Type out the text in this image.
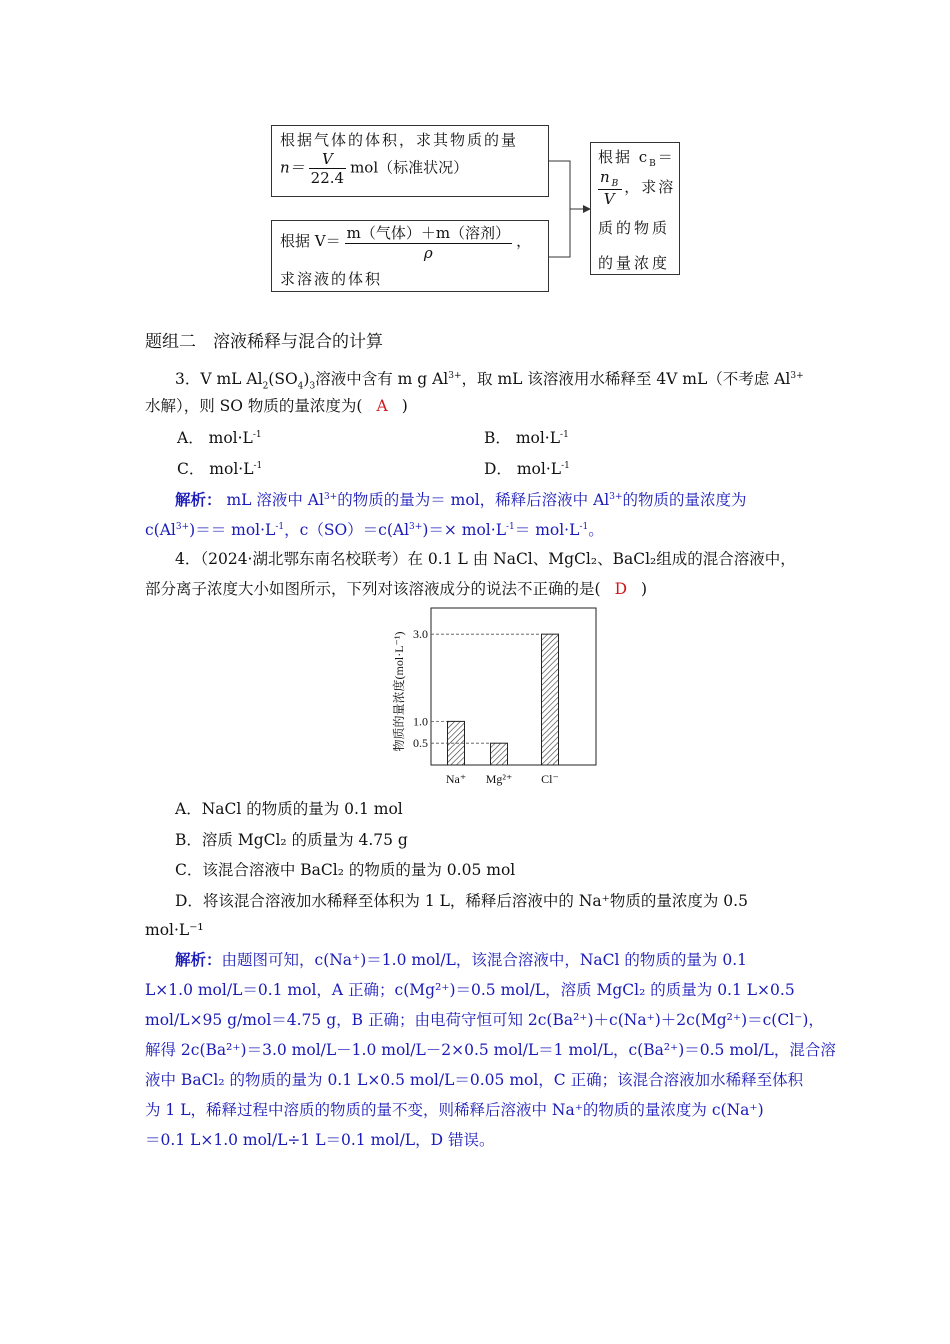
根据气体的体积，求其物质的量
$n= \frac{V}{22.4} mol$（标准状况）
根据 $V= \frac{\text{m（气体）＋m（溶剂）}}{\rho}$ ，
求溶液的体积
根据 $c_B=$
$\frac{n_B}{V}$ ，求溶
质的物质
的量浓度
题组二　溶液稀释与混合的计算
3．V mL $Al_2(SO_4)_3$溶液中含有 m g $Al^{3+}$，取 mL 该溶液用水稀释至 4V mL（不考虑 $Al^{3+}$
水解），则 SO 物质的量浓度为( A )
A． $mol\cdot L^{-1}$	B． $mol\cdot L^{-1}$
C． $mol\cdot L^{-1}$	D． $mol\cdot L^{-1}$
解析： mL 溶液中 $Al^{3+}$的物质的量为＝ mol，稀释后溶液中 $Al^{3+}$的物质的量浓度为
$c(Al^{3+})== mol\cdot L^{-1}$，$c(SO)=c(Al^{3+})=\times mol\cdot L^{-1}= mol\cdot L^{-1}$。
4．（2024·湖北鄂东南名校联考）在 0.1 L 由 NaCl、MgCl₂、BaCl₂组成的混合溶液中，
部分离子浓度大小如图所示，下列对该溶液成分的说法不正确的是( D )
Na⁺ Mg²⁺ Cl⁻
0.5
1.0
3.0
物质的量浓度(mol·L⁻¹)
A．NaCl 的物质的量为 0.1 mol
B．溶质 MgCl₂ 的质量为 4.75 g
C．该混合溶液中 BaCl₂ 的物质的量为 0.05 mol
D．将该混合溶液加水稀释至体积为 1 L，稀释后溶液中的 Na⁺物质的量浓度为 0.5
mol·L⁻¹
解析：由题图可知，c(Na⁺)＝1.0 mol/L，该混合溶液中，NaCl 的物质的量为 0.1
L×1.0 mol/L＝0.1 mol，A 正确；c(Mg²⁺)＝0.5 mol/L，溶质 MgCl₂ 的质量为 0.1 L×0.5
mol/L×95 g/mol＝4.75 g，B 正确；由电荷守恒可知 2c(Ba²⁺)＋c(Na⁺)＋2c(Mg²⁺)＝c(Cl⁻)，
解得 2c(Ba²⁺)＝3.0 mol/L－1.0 mol/L－2×0.5 mol/L＝1 mol/L，c(Ba²⁺)＝0.5 mol/L，混合溶
液中 BaCl₂ 的物质的量为 0.1 L×0.5 mol/L＝0.05 mol，C 正确；该混合溶液加水稀释至体积
为 1 L，稀释过程中溶质的物质的量不变，则稀释后溶液中 Na⁺的物质的量浓度为 c(Na⁺)
＝0.1 L×1.0 mol/L÷1 L＝0.1 mol/L，D 错误。
